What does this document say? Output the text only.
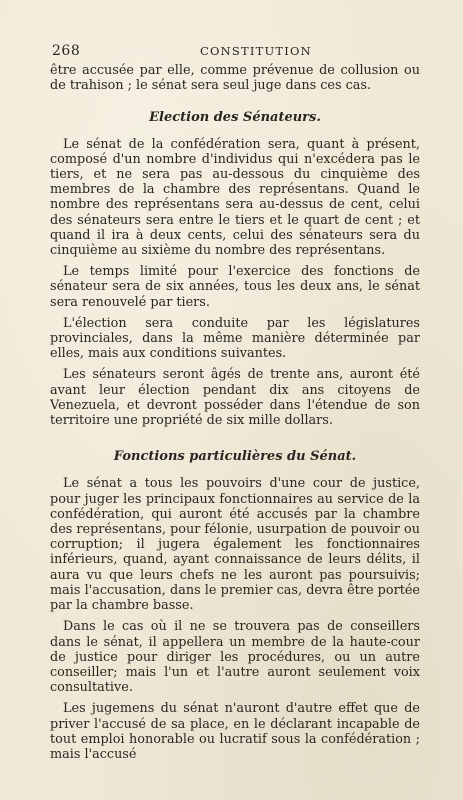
268	CONSTITUTION

être accusée par elle, comme prévenue de collusion ou de trahison ; le sénat sera seul juge dans ces cas.

Election des Sénateurs.

Le sénat de la confédération sera, quant à présent, composé d'un nombre d'individus qui n'excédera pas le tiers, et ne sera pas au-dessous du cinquième des membres de la chambre des représentans. Quand le nombre des représentans sera au-dessus de cent, celui des sénateurs sera entre le tiers et le quart de cent ; et quand il ira à deux cents, celui des sénateurs sera du cinquième au sixième du nombre des représentans.

Le temps limité pour l'exercice des fonctions de sénateur sera de six années, tous les deux ans, le sénat sera renouvelé par tiers.

L'élection sera conduite par les législatures provinciales, dans la même manière déterminée par elles, mais aux conditions suivantes.

Les sénateurs seront âgés de trente ans, auront été avant leur élection pendant dix ans citoyens de Venezuela, et devront posséder dans l'étendue de son territoire une propriété de six mille dollars.

Fonctions particulières du Sénat.

Le sénat a tous les pouvoirs d'une cour de justice, pour juger les principaux fonctionnaires au service de la confédération, qui auront été accusés par la chambre des représentans, pour félonie, usurpation de pouvoir ou corruption; il jugera également les fonctionnaires inférieurs, quand, ayant connaissance de leurs délits, il aura vu que leurs chefs ne les auront pas poursuivis; mais l'accusation, dans le premier cas, devra être portée par la chambre basse.

Dans le cas où il ne se trouvera pas de conseillers dans le sénat, il appellera un membre de la haute-cour de justice pour diriger les procédures, ou un autre conseiller; mais l'un et l'autre auront seulement voix consultative.

Les jugemens du sénat n'auront d'autre effet que de priver l'accusé de sa place, en le déclarant incapable de tout emploi honorable ou lucratif sous la confédération ; mais l'accusé
